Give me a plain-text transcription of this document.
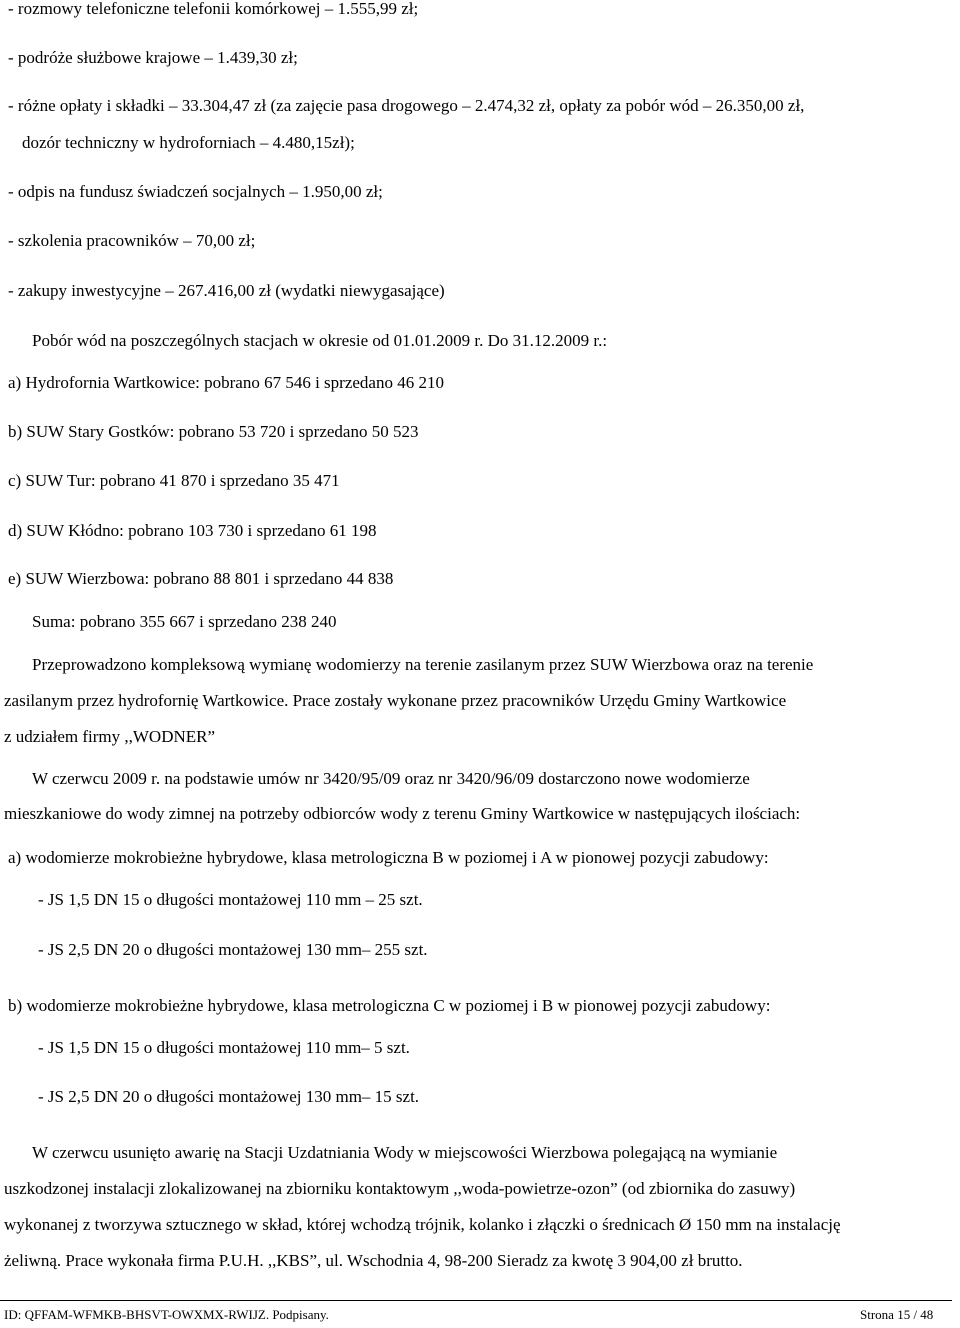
- rozmowy telefoniczne telefonii komórkowej – 1.555,99 zł;
- podróże służbowe krajowe – 1.439,30 zł;
- różne opłaty i składki – 33.304,47 zł (za zajęcie pasa drogowego – 2.474,32 zł, opłaty za pobór wód – 26.350,00 zł,
dozór techniczny w hydroforniach – 4.480,15zł);
- odpis na fundusz świadczeń socjalnych – 1.950,00 zł;
- szkolenia pracowników – 70,00 zł;
- zakupy inwestycyjne – 267.416,00 zł (wydatki niewygasające)
Pobór wód na poszczególnych stacjach w okresie od 01.01.2009 r. Do 31.12.2009 r.:
a) Hydrofornia Wartkowice: pobrano 67 546 i sprzedano 46 210
b) SUW Stary Gostków: pobrano 53 720 i sprzedano 50 523
c) SUW Tur: pobrano 41 870 i sprzedano 35 471
d) SUW Kłódno: pobrano 103 730 i sprzedano 61 198
e) SUW Wierzbowa: pobrano 88 801 i sprzedano 44 838
Suma: pobrano 355 667 i sprzedano 238 240
Przeprowadzono kompleksową wymianę wodomierzy na terenie zasilanym przez SUW Wierzbowa oraz na terenie
zasilanym przez hydrofornię Wartkowice. Prace zostały wykonane przez pracowników Urzędu Gminy Wartkowice
z udziałem firmy ,,WODNER”
W czerwcu 2009 r. na podstawie umów nr 3420/95/09 oraz nr 3420/96/09 dostarczono nowe wodomierze
mieszkaniowe do wody zimnej na potrzeby odbiorców wody z terenu Gminy Wartkowice w następujących ilościach:
a) wodomierze mokrobieżne hybrydowe, klasa metrologiczna B w poziomej i A w pionowej pozycji zabudowy:
- JS 1,5 DN 15 o długości montażowej 110 mm – 25 szt.
- JS 2,5 DN 20 o długości montażowej 130 mm– 255 szt.
b) wodomierze mokrobieżne hybrydowe, klasa metrologiczna C w poziomej i B w pionowej pozycji zabudowy:
- JS 1,5 DN 15 o długości montażowej 110 mm– 5 szt.
- JS 2,5 DN 20 o długości montażowej 130 mm– 15 szt.
W czerwcu usunięto awarię na Stacji Uzdatniania Wody w miejscowości Wierzbowa polegającą na wymianie
uszkodzonej instalacji zlokalizowanej na zbiorniku kontaktowym ,,woda-powietrze-ozon” (od zbiornika do zasuwy)
wykonanej z tworzywa sztucznego w skład, której wchodzą trójnik, kolanko i złączki o średnicach Ø 150 mm na instalację
żeliwną. Prace wykonała firma P.U.H. ,,KBS”, ul. Wschodnia 4, 98-200 Sieradz za kwotę 3 904,00 zł brutto.
ID: QFFAM-WFMKB-BHSVT-OWXMX-RWIJZ. Podpisany.	Strona 15 / 48
